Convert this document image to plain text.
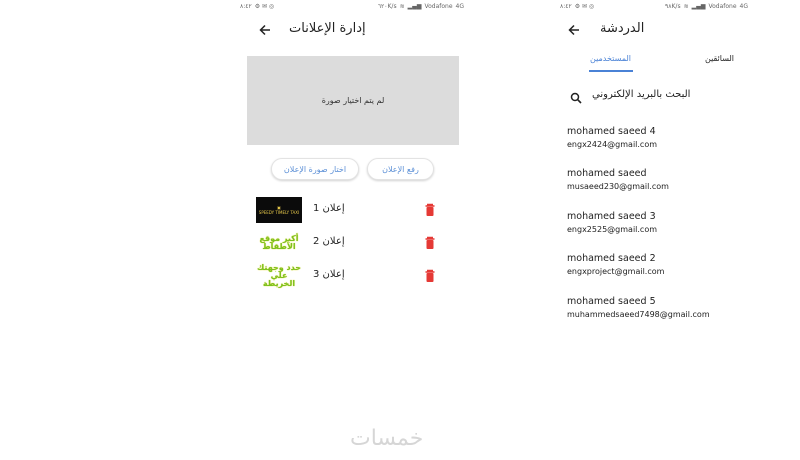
٨:٤٢ ⚙ ✉ ◎	٦٢٠K/s ≋ ▂▄▆ Vodafone 4G
إدارة الإعلانات
لم يتم اختيار صورة
اختار صورة الإعلان	رفع الإعلان
▣
SPEEDY TIMELY TAXI إعلان 1
أكبر موقع الأطقاط	إعلان 2
حدد وجهتك علي الخريطة
إعلان 3
٨:٤٢ ⚙ ✉ ◎	٩٨K/s ≋ ▂▄▆ Vodafone 4G
الدردشة
المستخدمين	السائقين
البحث بالبريد الإلكتروني
mohamed saeed 4
engx2424@gmail.com
mohamed saeed
musaeed230@gmail.com
mohamed saeed 3
engx2525@gmail.com
mohamed saeed 2
engxproject@gmail.com
mohamed saeed 5
muhammedsaeed7498@gmail.com
خمسات
